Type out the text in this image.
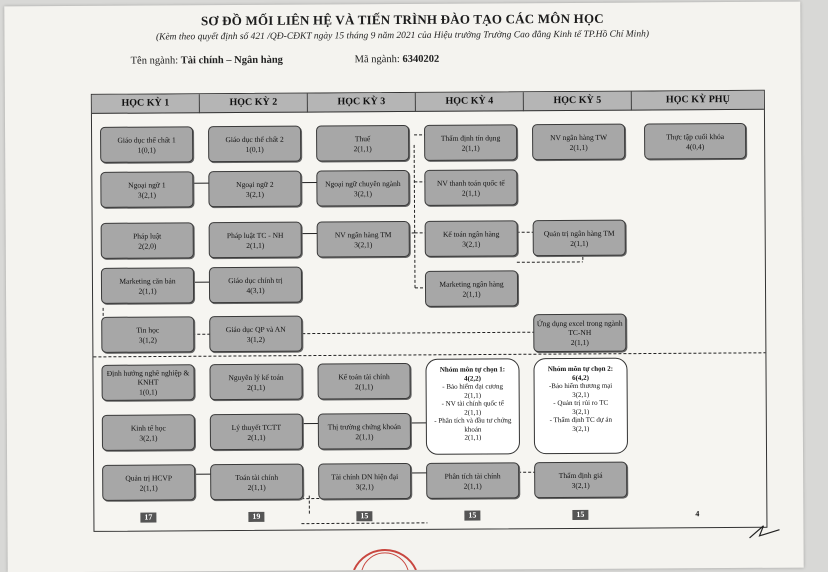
SƠ ĐỒ MỐI LIÊN HỆ VÀ TIẾN TRÌNH ĐÀO TẠO CÁC MÔN HỌC
(Kèm theo quyết định số 421 /QĐ-CĐKT ngày 15 tháng 9 năm 2021 của Hiệu trưởng Trường Cao đẳng Kinh tế TP.Hồ Chí Minh)
Tên ngành: Tài chính – Ngân hàng	Mã ngành: 6340202
HỌC KỲ 1	HỌC KỲ 2	HỌC KỲ 3	HỌC KỲ 4	HỌC KỲ 5	HỌC KỲ PHỤ
Giáo dục thể chất 1
1(0,1)
Ngoại ngữ 1
3(2,1)
Pháp luật
2(2,0)
Marketing căn bản
2(1,1)
Tin học
3(1,2)
Định hướng nghề nghiệp & KNHT
1(0,1)
Kinh tế học
3(2,1)
Quản trị HCVP
2(1,1)
Giáo dục thể chất 2
1(0,1)
Ngoại ngữ 2
3(2,1)
Pháp luật TC - NH
2(1,1)
Giáo dục chính trị
4(3,1)
Giáo dục QP và AN
3(1,2)
Nguyên lý kế toán
2(1,1)
Lý thuyết TCTT
2(1,1)
Toán tài chính
2(1,1)
Thuế
2(1,1)
Ngoại ngữ chuyên ngành
3(2,1)
NV ngân hàng TM
3(2,1)
Kế toán tài chính
2(1,1)
Thị trường chứng khoán
2(1,1)
Tài chính DN hiện đại
3(2,1)
Thẩm định tín dụng
2(1,1)
NV thanh toán quốc tế
2(1,1)
Kế toán ngân hàng
3(2,1)
Marketing ngân hàng
2(1,1)
Nhóm môn tự chọn 1:
4(2,2)
- Bảo hiểm đại cương
2(1,1)
- NV tài chính quốc tế
2(1,1)
- Phân tích và đầu tư chứng khoán
2(1,1)
Phân tích tài chính
2(1,1)
NV ngân hàng TW
2(1,1)
Quản trị ngân hàng TM
2(1,1)
Ứng dụng excel trong ngành TC-NH
2(1,1)
Nhóm môn tự chọn 2:
6(4,2)
-Bảo hiểm thương mại
3(2,1)
- Quản trị rủi ro TC
3(2,1)
- Thẩm định TC dự án
3(2,1)
Thẩm định giá
3(2,1)
Thực tập cuối khóa
4(0,4)
17	19	15	15	15	4
